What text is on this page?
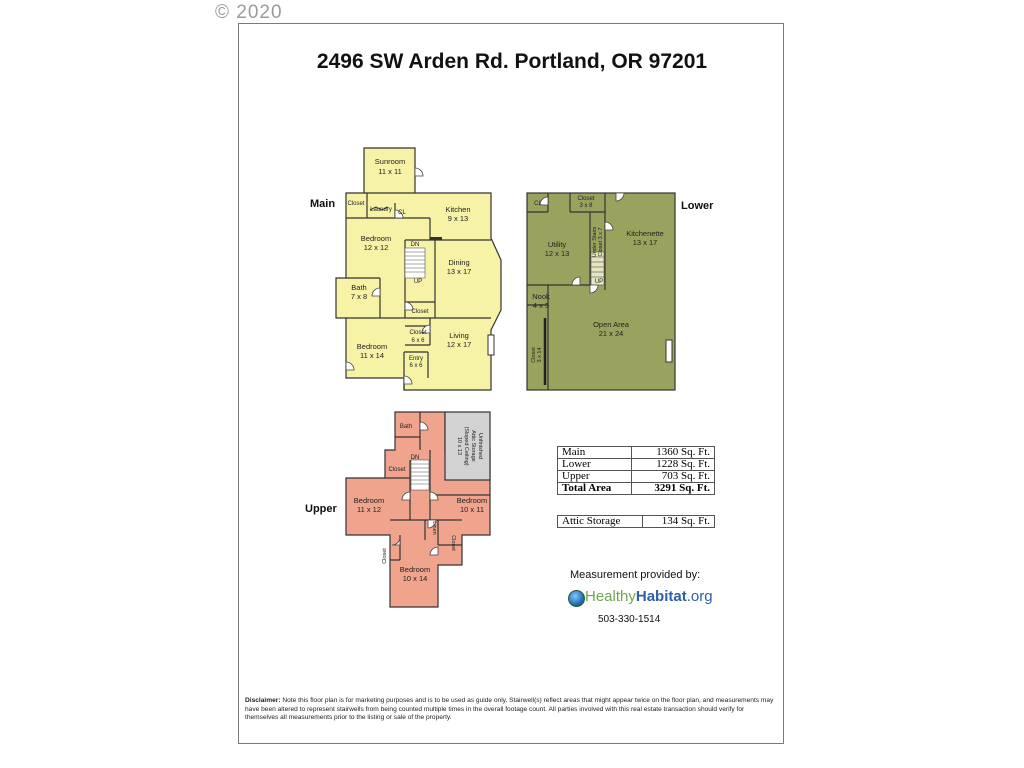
© 2020
2496 SW Arden Rd. Portland, OR 97201
Main	Lower
Upper
Sunroom
11 x 11
Kitchen
9 x 13
Closet
Laundry CL
Bedroom
12 x 12
Dining
13 x 17
Bath
7 x 8
Closet
Closet
6 x 6
Living
12 x 17
Bedroom
11 x 14	Entry
6 x 6
DN
UP
CL
Closet
3 x 8
Utility
12 x 13	Under Stairs Closet 3 x 7	Kitchenette
13 x 17
UP
Nook
4 x 5
Open Area
21 x 24
Closet 3 x 14
Bath
Unfinished
Attic Storage
(Sloped Ceiling)
10 x 13
DN
Closet
Bedroom
11 x 12
Bedroom
10 x 11
Linen
Closet
Closet
Bedroom
10 x 14
Main	1360 Sq. Ft.
Lower	1228 Sq. Ft.
Upper	703 Sq. Ft.
Total Area	3291 Sq. Ft.
Attic Storage	134 Sq. Ft.
Measurement provided by:
HealthyHabitat.org
503-330-1514
Disclaimer: Note this floor plan is for marketing purposes and is to be used as guide only. Stairwell(s) reflect areas that might appear twice on the floor plan, and measurements may have been altered to represent stairwells from being counted multiple times in the overall footage count. All parties involved with this real estate transaction should verify for themselves all measurements prior to the listing or sale of the property.
